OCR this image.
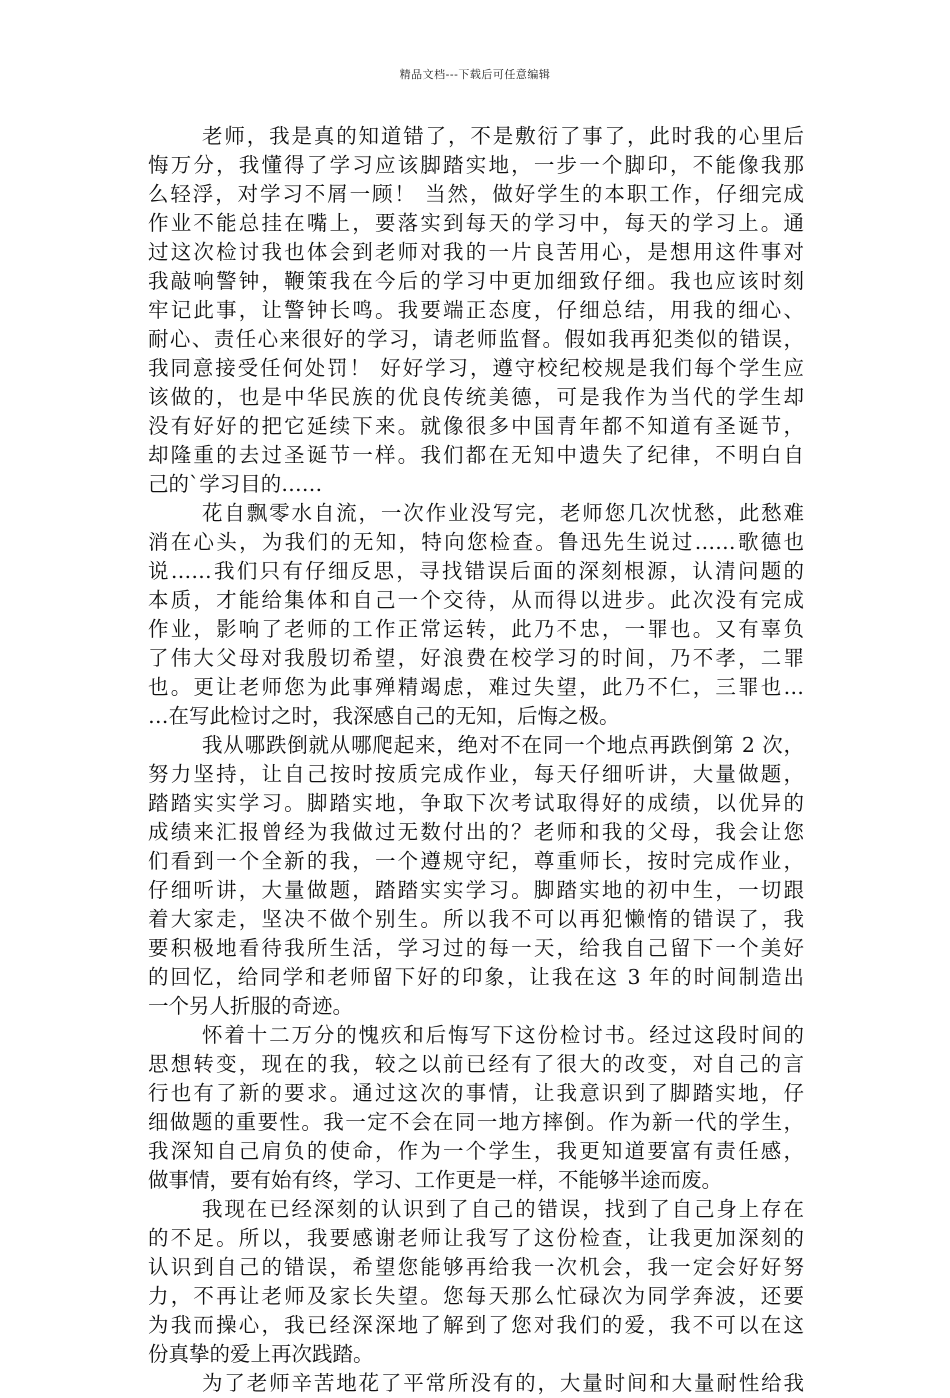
精品文档---下载后可任意编辑
老师，我是真的知道错了，不是敷衍了事了，此时我的心里后
悔万分，我懂得了学习应该脚踏实地，一步一个脚印，不能像我那
么轻浮，对学习不屑一顾！ 当然，做好学生的本职工作，仔细完成
作业不能总挂在嘴上，要落实到每天的学习中，每天的学习上。通
过这次检讨我也体会到老师对我的一片良苦用心，是想用这件事对
我敲响警钟，鞭策我在今后的学习中更加细致仔细。我也应该时刻
牢记此事，让警钟长鸣。我要端正态度，仔细总结，用我的细心、
耐心、责任心来很好的学习，请老师监督。假如我再犯类似的错误，
我同意接受任何处罚！ 好好学习，遵守校纪校规是我们每个学生应
该做的，也是中华民族的优良传统美德，可是我作为当代的学生却
没有好好的把它延续下来。就像很多中国青年都不知道有圣诞节，
却隆重的去过圣诞节一样。我们都在无知中遗失了纪律，不明白自
己的`学习目的……
花自飘零水自流，一次作业没写完，老师您几次忧愁，此愁难
消在心头，为我们的无知，特向您检查。鲁迅先生说过……歌德也
说……我们只有仔细反思，寻找错误后面的深刻根源，认清问题的
本质，才能给集体和自己一个交待，从而得以进步。此次没有完成
作业，影响了老师的工作正常运转，此乃不忠，一罪也。又有辜负
了伟大父母对我殷切希望，好浪费在校学习的时间，乃不孝，二罪
也。更让老师您为此事殚精竭虑，难过失望，此乃不仁，三罪也…
…在写此检讨之时，我深感自己的无知，后悔之极。
我从哪跌倒就从哪爬起来，绝对不在同一个地点再跌倒第 2 次，
努力坚持，让自己按时按质完成作业，每天仔细听讲，大量做题，
踏踏实实学习。脚踏实地，争取下次考试取得好的成绩，以优异的
成绩来汇报曾经为我做过无数付出的？老师和我的父母，我会让您
们看到一个全新的我，一个遵规守纪，尊重师长，按时完成作业，
仔细听讲，大量做题，踏踏实实学习。脚踏实地的初中生，一切跟
着大家走，坚决不做个别生。所以我不可以再犯懒惰的错误了，我
要积极地看待我所生活，学习过的每一天，给我自己留下一个美好
的回忆，给同学和老师留下好的印象，让我在这 3 年的时间制造出
一个另人折服的奇迹。
怀着十二万分的愧疚和后悔写下这份检讨书。经过这段时间的
思想转变，现在的我，较之以前已经有了很大的改变，对自己的言
行也有了新的要求。通过这次的事情，让我意识到了脚踏实地，仔
细做题的重要性。我一定不会在同一地方摔倒。作为新一代的学生，
我深知自己肩负的使命，作为一个学生，我更知道要富有责任感，
做事情，要有始有终，学习、工作更是一样，不能够半途而废。
我现在已经深刻的认识到了自己的错误，找到了自己身上存在
的不足。所以，我要感谢老师让我写了这份检查，让我更加深刻的
认识到自己的错误，希望您能够再给我一次机会，我一定会好好努
力，不再让老师及家长失望。您每天那么忙碌次为同学奔波，还要
为我而操心，我已经深深地了解到了您对我们的爱，我不可以在这
份真挚的爱上再次践踏。
为了老师辛苦地花了平常所没有的，大量时间和大量耐性给我
